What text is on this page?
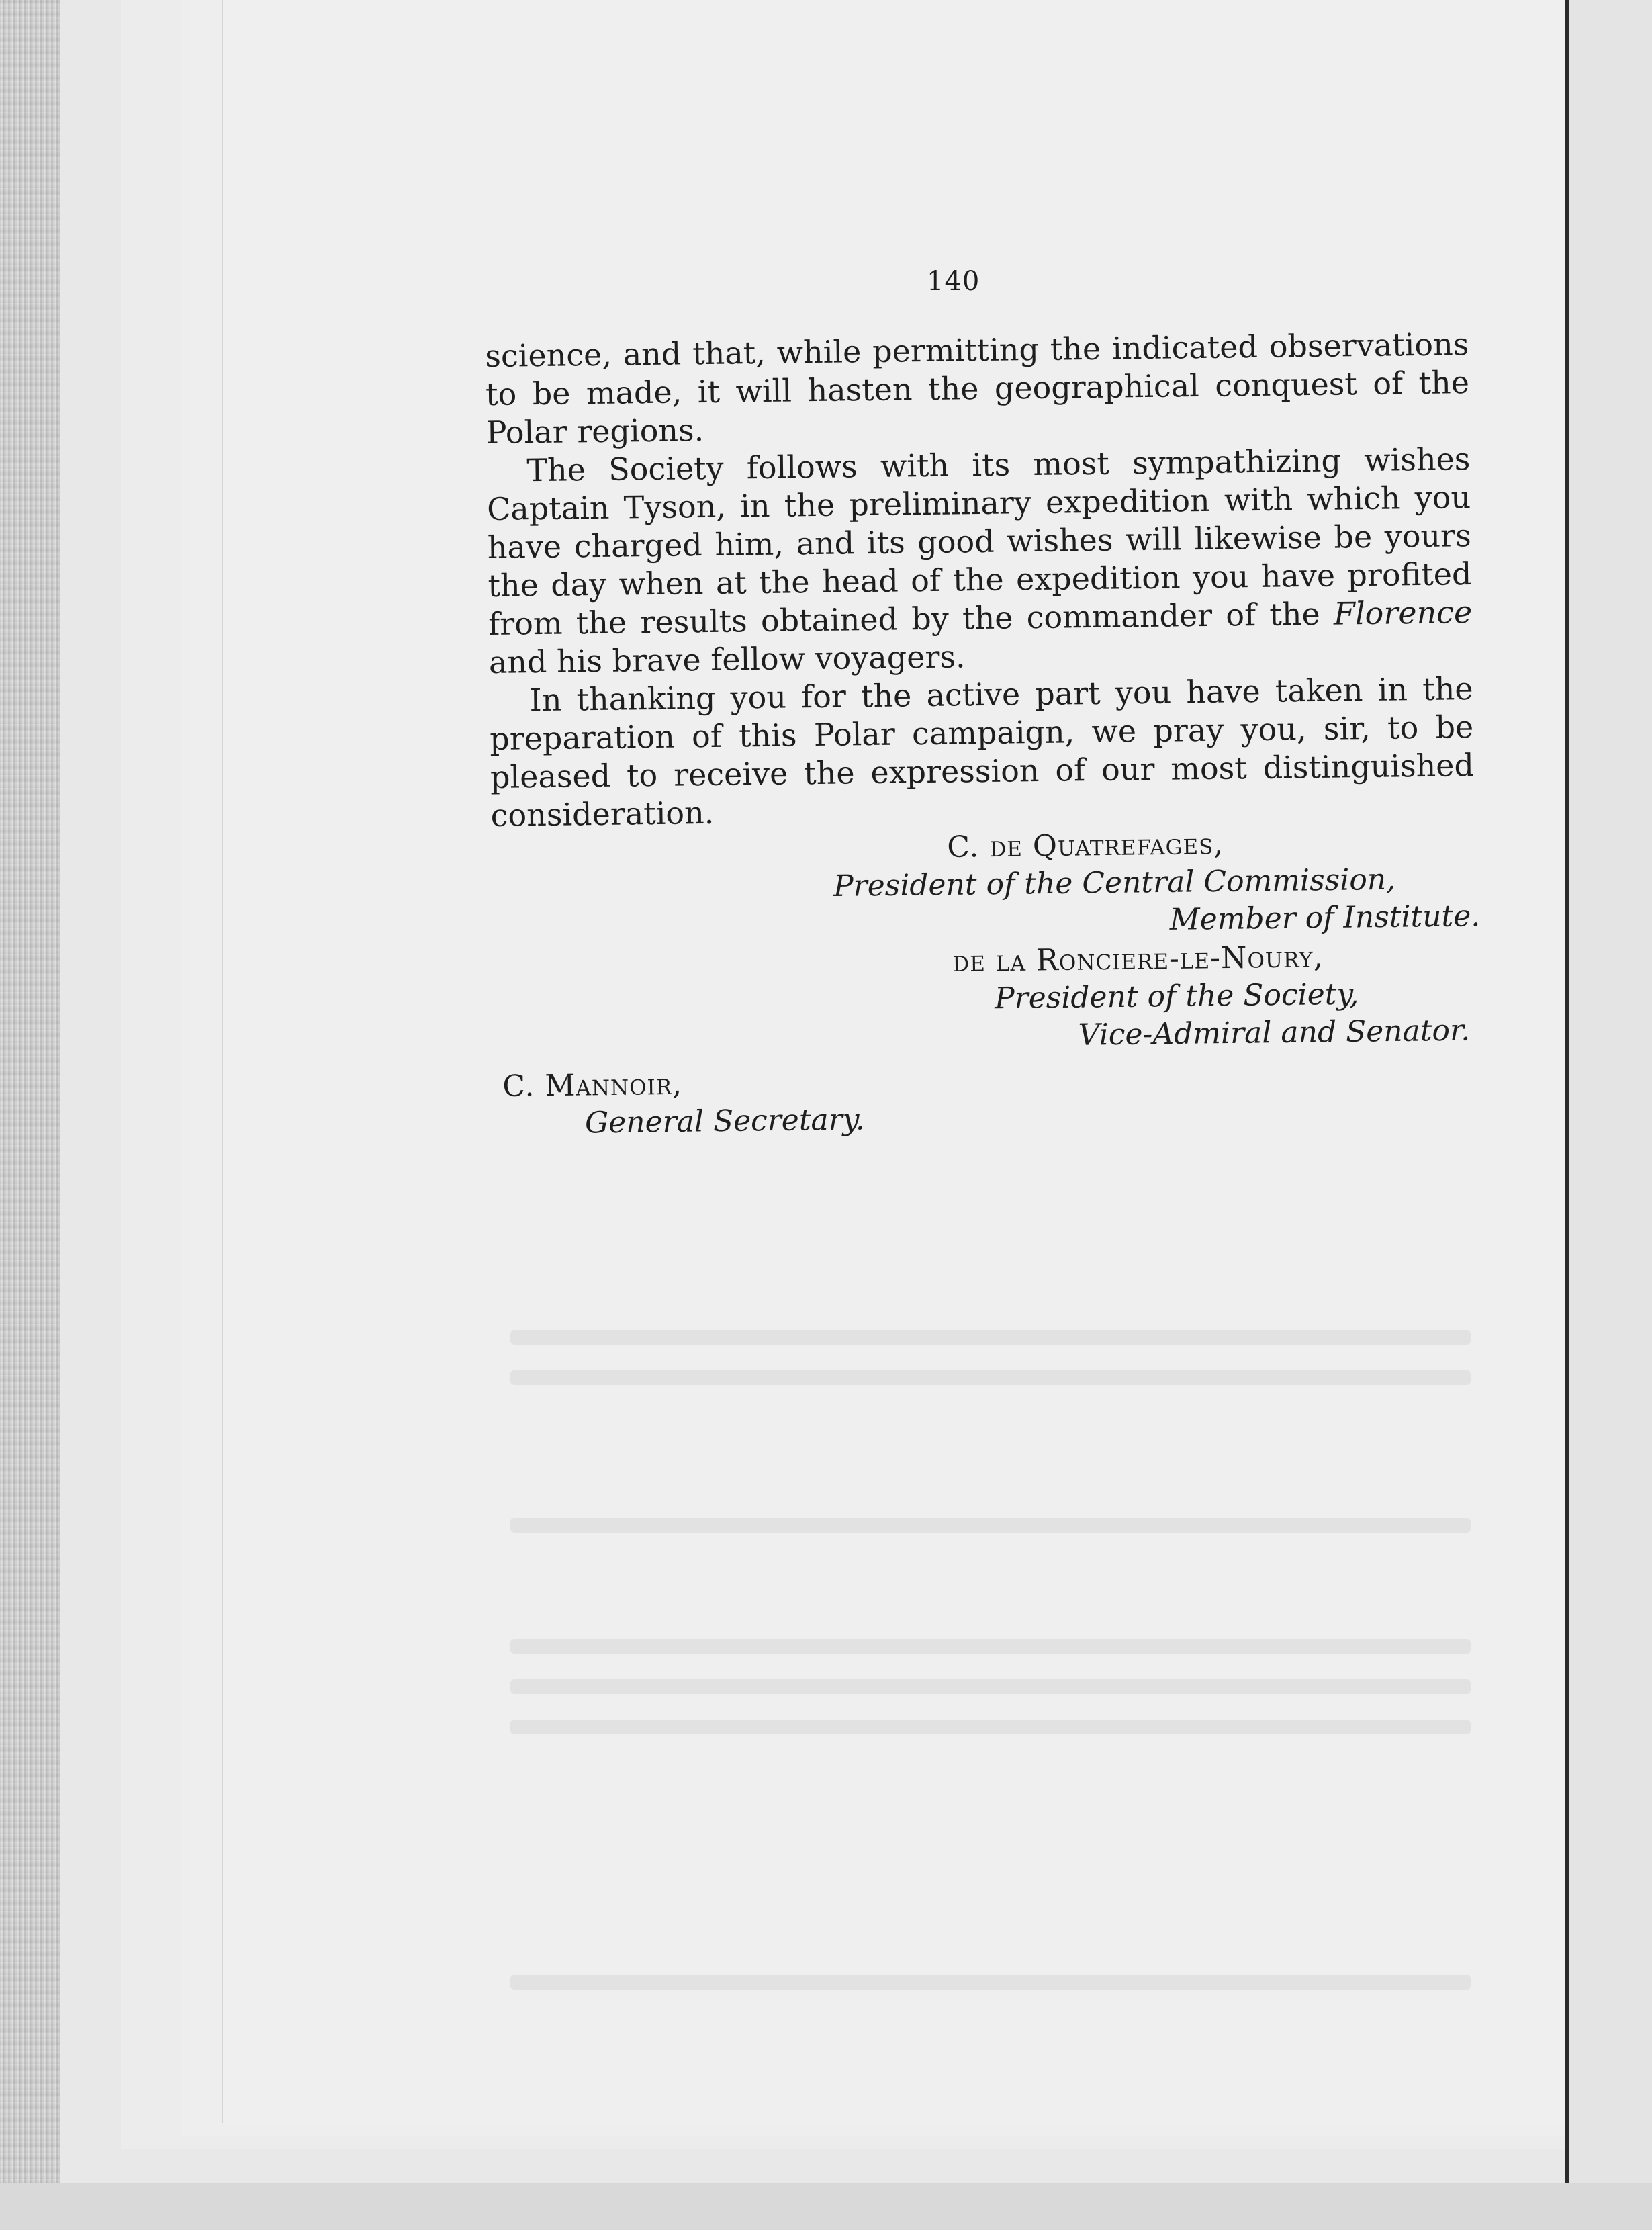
140

science, and that, while permitting the indicated observations to be made, it will hasten the geographical conquest of the Polar regions.

The Society follows with its most sympathizing wishes Captain Tyson, in the preliminary expedition with which you have charged him, and its good wishes will likewise be yours the day when at the head of the expedition you have profited from the results obtained by the commander of the Florence and his brave fellow voyagers.

In thanking you for the active part you have taken in the preparation of this Polar campaign, we pray you, sir, to be pleased to receive the expression of our most distinguished consideration.

C. de Quatrefages,
President of the Central Commission,
Member of Institute.
de la Ronciere-le-Noury,
President of the Society,
Vice-Admiral and Senator.
C. Mannoir,
General Secretary.
